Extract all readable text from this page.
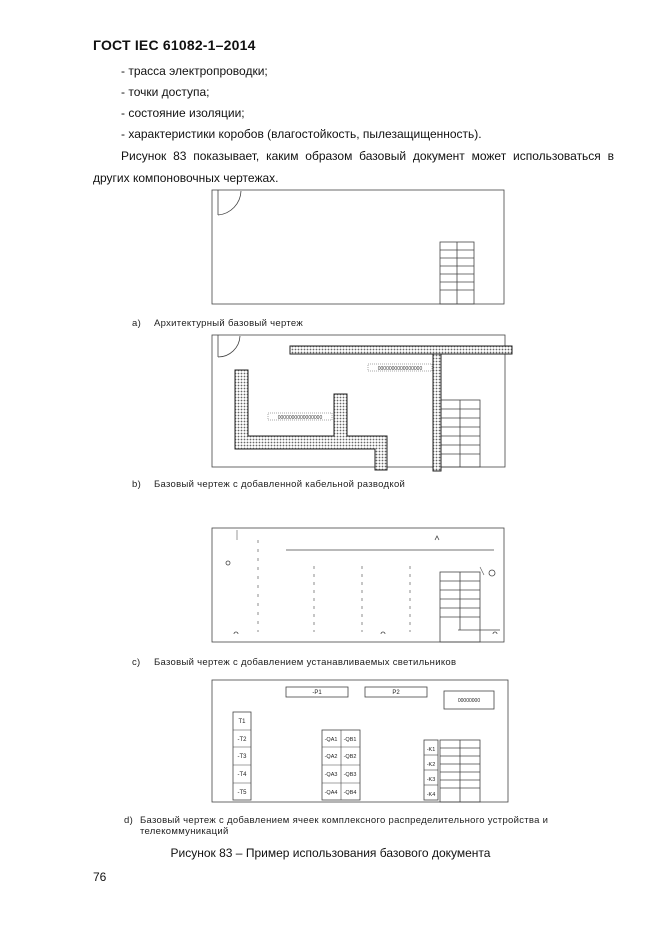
ГОСТ IEC 61082-1–2014
- трасса электропроводки;
- точки доступа;
- состояние изоляции;
- характеристики коробов (влагостойкость, пылезащищенность).
Рисунок 83 показывает, каким образом базовый документ может использоваться в других компоновочных чертежах.
a) Архитектурный базовый чертеж
0000000000000000
0000000000000000
b) Базовый чертеж с добавленной кабельной разводкой
c) Базовый чертеж с добавлением устанавливаемых светильников
-P1	P2
00000000
T1
-T2
-T3
-T4
-T5
-QA1
-QA2
-QA3
-QA4
-QB1
-QB2
-QB3
-QB4
-K1
-K2
-K3
-K4
d) Базовый чертеж с добавлением ячеек комплексного распределительного устройства и
телекоммуникаций
Рисунок 83 – Пример использования базового документа
76
